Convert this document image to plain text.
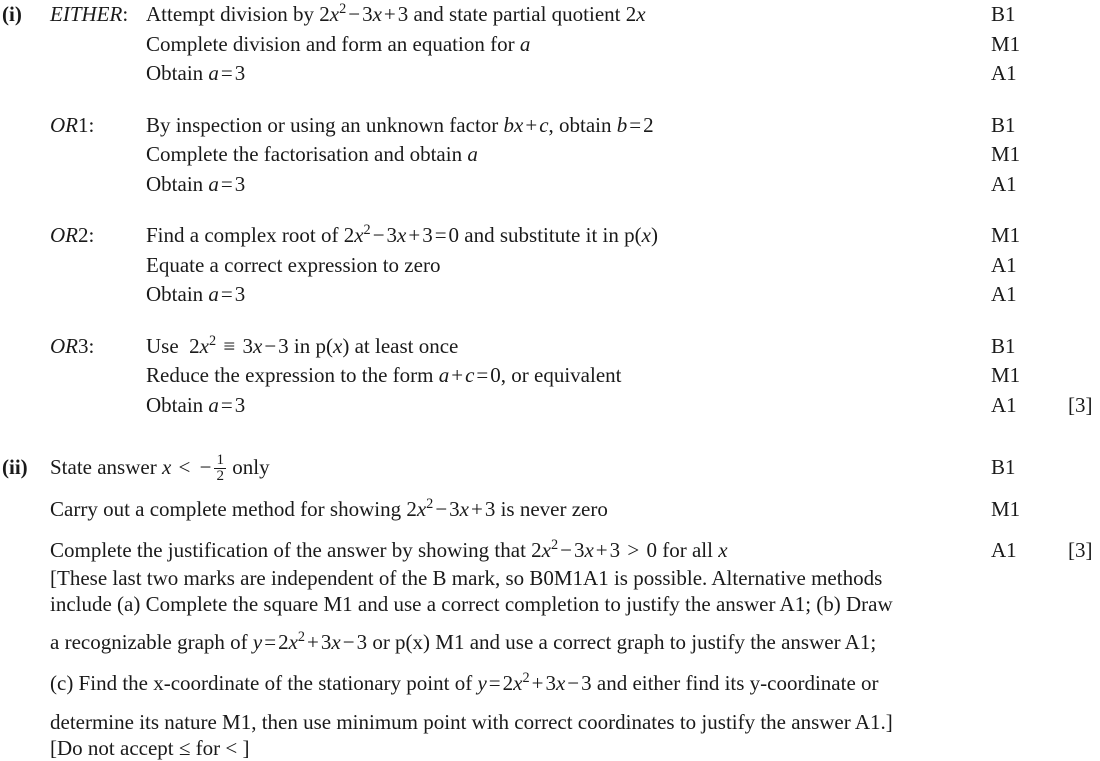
(i)	EITHER: Attempt division by $2x^2-3x+3$ and state partial quotient 2x	B1
Complete division and form an equation for a	M1
Obtain a=3	A1
OR1:	By inspection or using an unknown factor bx+c, obtain b=2	B1
Complete the factorisation and obtain a	M1
Obtain a=3	A1
OR2:	Find a complex root of $2x^2-3x+3=0$ and substitute it in p(x)	M1
Equate a correct expression to zero	A1
Obtain a=3	A1
OR3:	Use  $2x^2 \equiv 3x-3$ in p(x) at least once	B1
Reduce the expression to the form a+c=0, or equivalent	M1
Obtain a=3	A1	[3]
(ii)	State answer x < − $\frac{1}{2}$ only	B1
Carry out a complete method for showing $2x^2-3x+3$ is never zero	M1
Complete the justification of the answer by showing that $2x^2-3x+3 > 0$ for all x	A1	[3]
[These last two marks are independent of the B mark, so B0M1A1 is possible. Alternative methods
include (a) Complete the square M1 and use a correct completion to justify the answer A1; (b) Draw
a recognizable graph of $y=2x^2+3x-3$ or p(x) M1 and use a correct graph to justify the answer A1;
(c) Find the x-coordinate of the stationary point of $y=2x^2+3x-3$ and either find its y-coordinate or
determine its nature M1, then use minimum point with correct coordinates to justify the answer A1.]
[Do not accept ≤ for < ]
